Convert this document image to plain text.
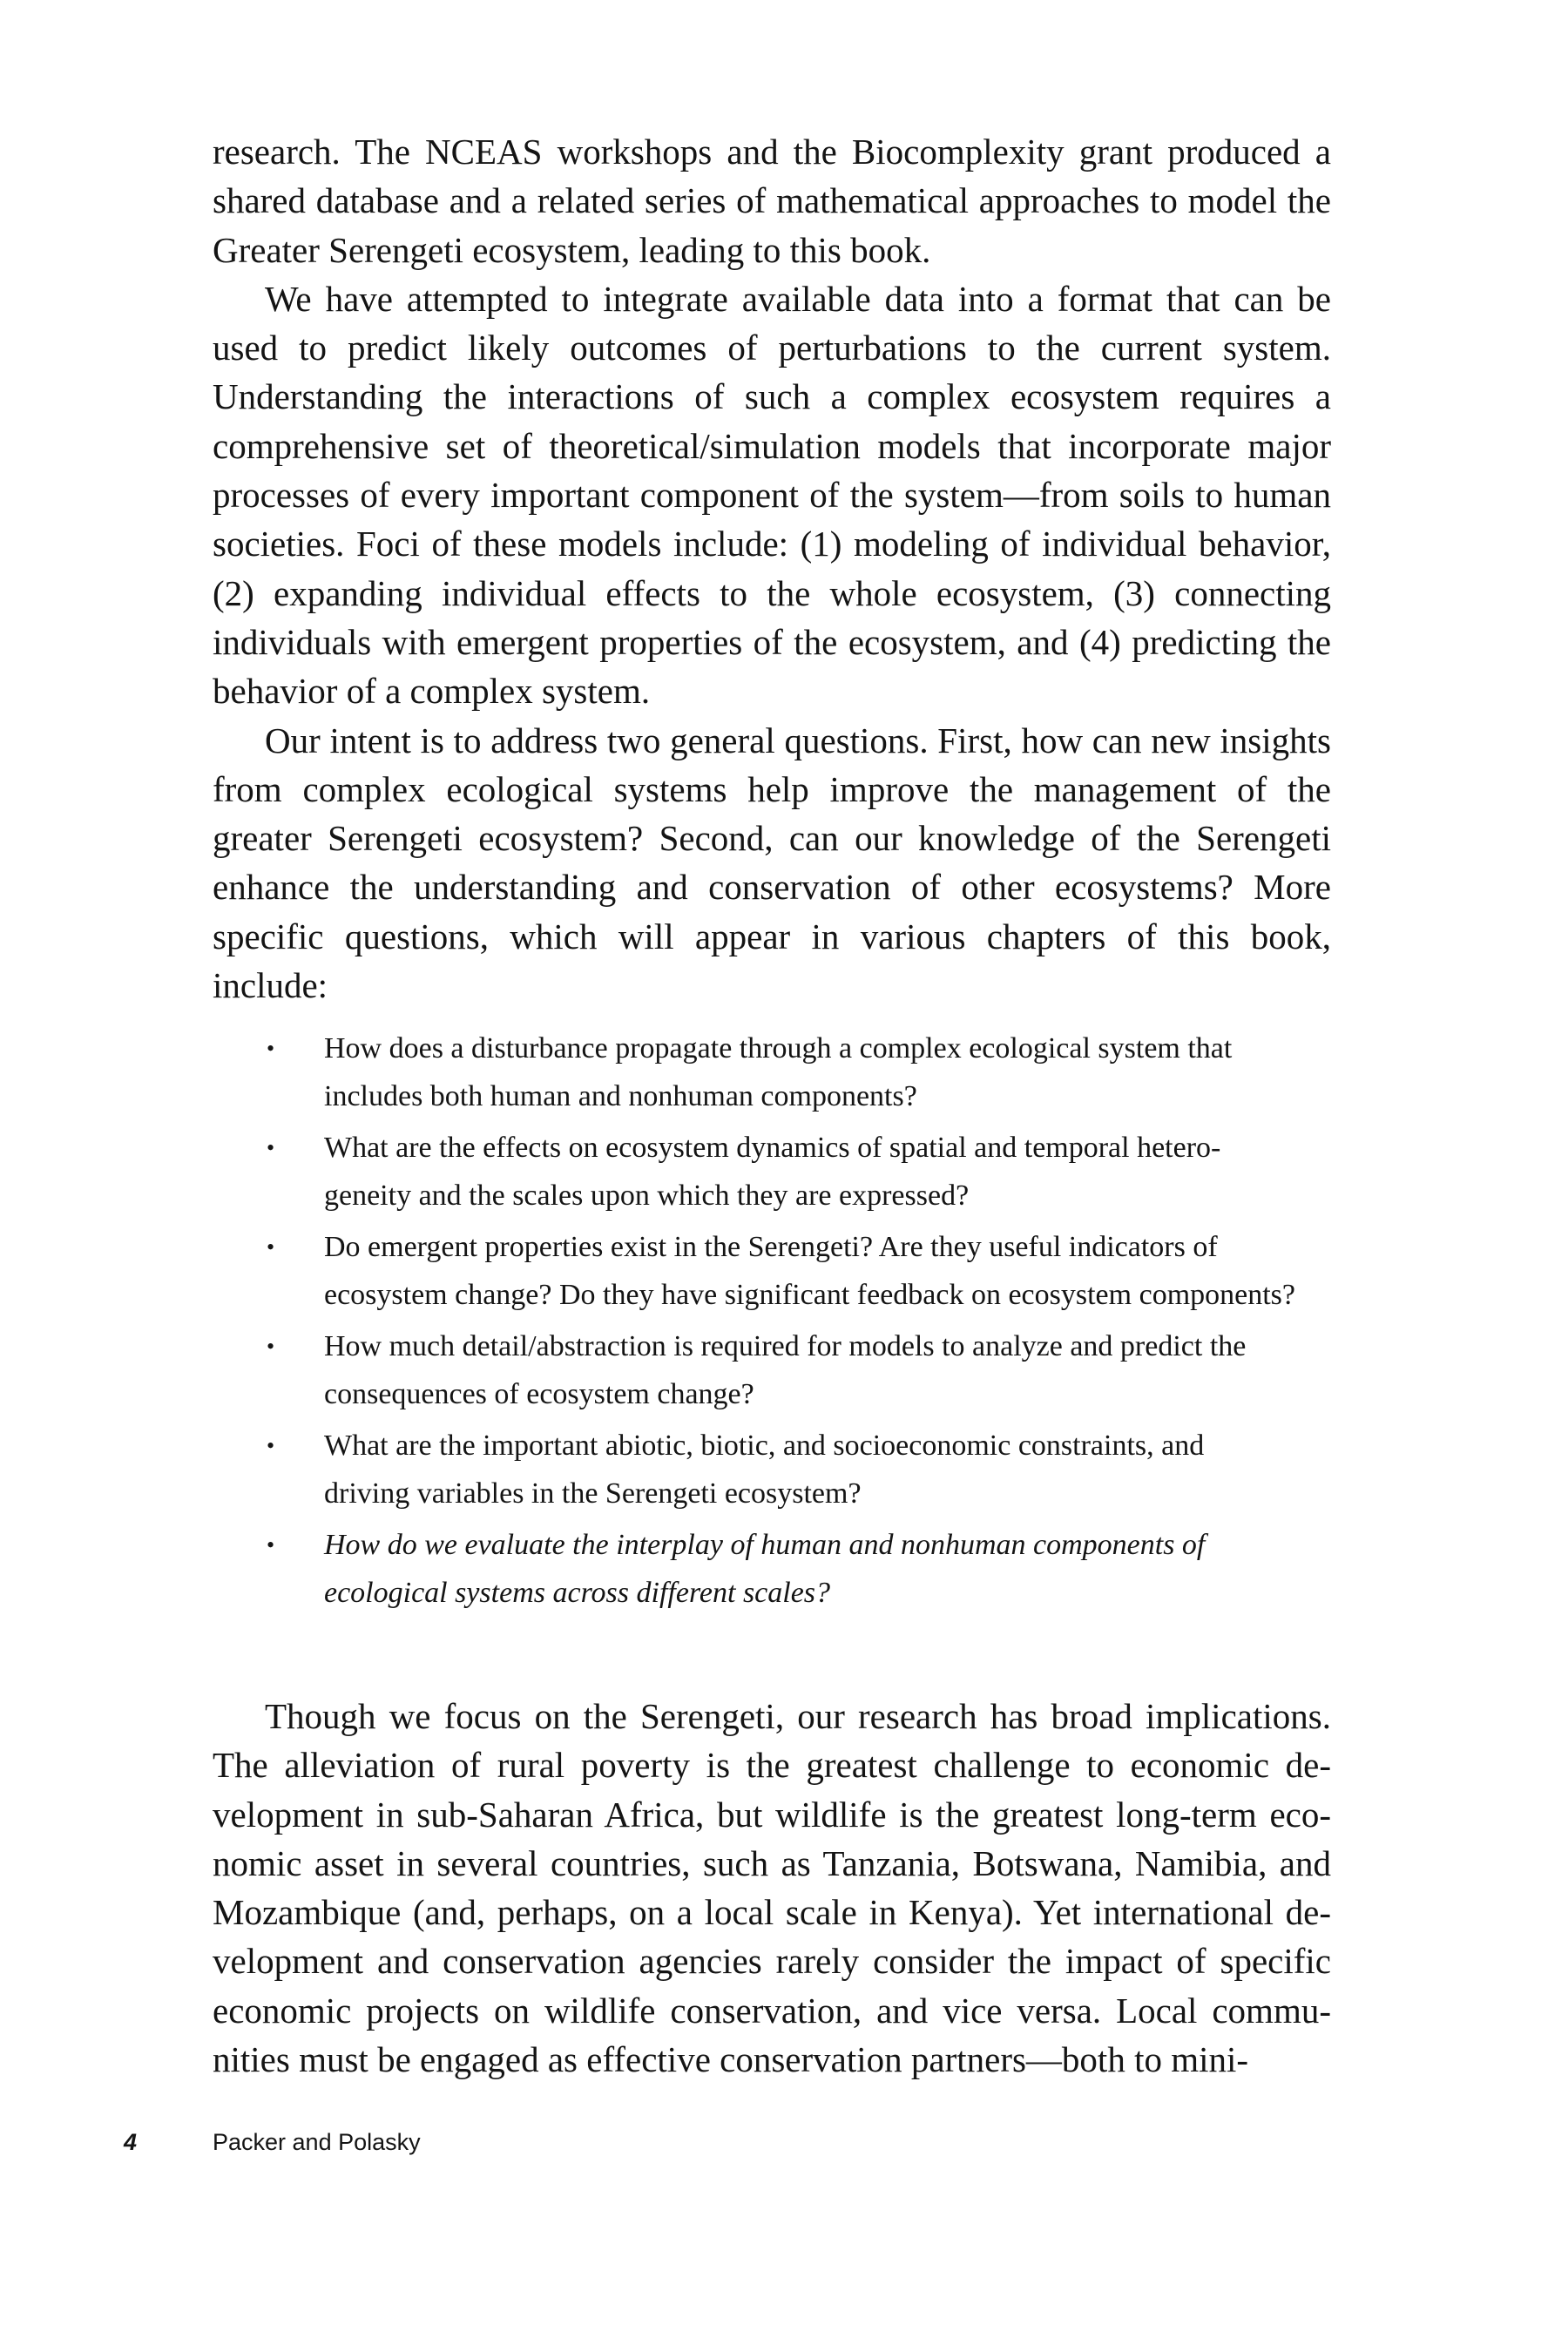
research. The NCEAS workshops and the Biocomplexity grant produced a shared database and a related series of mathematical approaches to model the Greater Serengeti ecosystem, leading to this book.

We have attempted to integrate available data into a format that can be used to predict likely outcomes of perturbations to the current system. Understanding the interactions of such a complex ecosystem requires a comprehensive set of theoretical/simulation models that incorporate major processes of every important component of the system—from soils to human societies. Foci of these models include: (1) modeling of individual behavior, (2) expanding individual effects to the whole ecosystem, (3) connecting individuals with emergent properties of the ecosystem, and (4) predicting the behavior of a complex system.

Our intent is to address two general questions. First, how can new insights from complex ecological systems help improve the management of the greater Serengeti ecosystem? Second, can our knowledge of the Serengeti enhance the understanding and conservation of other ecosystems? More specific questions, which will appear in various chapters of this book, include:

• How does a disturbance propagate through a complex ecological system that includes both human and nonhuman components?
• What are the effects on ecosystem dynamics of spatial and temporal heterogeneity and the scales upon which they are expressed?
• Do emergent properties exist in the Serengeti? Are they useful indicators of ecosystem change? Do they have significant feedback on ecosystem components?
• How much detail/abstraction is required for models to analyze and predict the consequences of ecosystem change?
• What are the important abiotic, biotic, and socioeconomic constraints, and driving variables in the Serengeti ecosystem?
• How do we evaluate the interplay of human and nonhuman components of ecological systems across different scales?

Though we focus on the Serengeti, our research has broad implications. The alleviation of rural poverty is the greatest challenge to economic development in sub-Saharan Africa, but wildlife is the greatest long-term economic asset in several countries, such as Tanzania, Botswana, Namibia, and Mozambique (and, perhaps, on a local scale in Kenya). Yet international development and conservation agencies rarely consider the impact of specific economic projects on wildlife conservation, and vice versa. Local communities must be engaged as effective conservation partners—both to mini-

4	Packer and Polasky
